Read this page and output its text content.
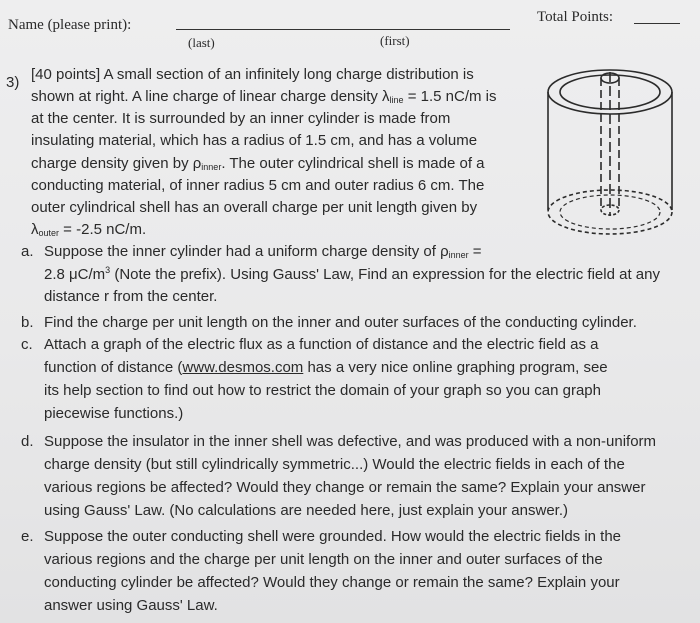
Name (please print):
(last)	(first)
Total Points:
3) [40 points] A small section of an infinitely long charge distribution is
shown at right. A line charge of linear charge density $\lambda_{line} = 1.5$ nC/m is
at the center. It is surrounded by an inner cylinder is made from
insulating material, which has a radius of 1.5 cm, and has a volume
charge density given by $\rho_{inner}$. The outer cylindrical shell is made of a
conducting material, of inner radius 5 cm and outer radius 6 cm. The
outer cylindrical shell has an overall charge per unit length given by
$\lambda_{outer} = -2.5$ nC/m.
a. Suppose the inner cylinder had a uniform charge density of $\rho_{inner}$ =
2.8 $\mu C/m^3$ (Note the prefix). Using Gauss' Law, Find an expression for the electric field at any
distance r from the center.
b. Find the charge per unit length on the inner and outer surfaces of the conducting cylinder.
c. Attach a graph of the electric flux as a function of distance and the electric field as a
function of distance (www.desmos.com has a very nice online graphing program, see
its help section to find out how to restrict the domain of your graph so you can graph
piecewise functions.)
d. Suppose the insulator in the inner shell was defective, and was produced with a non-uniform
charge density (but still cylindrically symmetric...) Would the electric fields in each of the
various regions be affected? Would they change or remain the same? Explain your answer
using Gauss' Law. (No calculations are needed here, just explain your answer.)
e. Suppose the outer conducting shell were grounded. How would the electric fields in the
various regions and the charge per unit length on the inner and outer surfaces of the
conducting cylinder be affected? Would they change or remain the same? Explain your
answer using Gauss' Law.
